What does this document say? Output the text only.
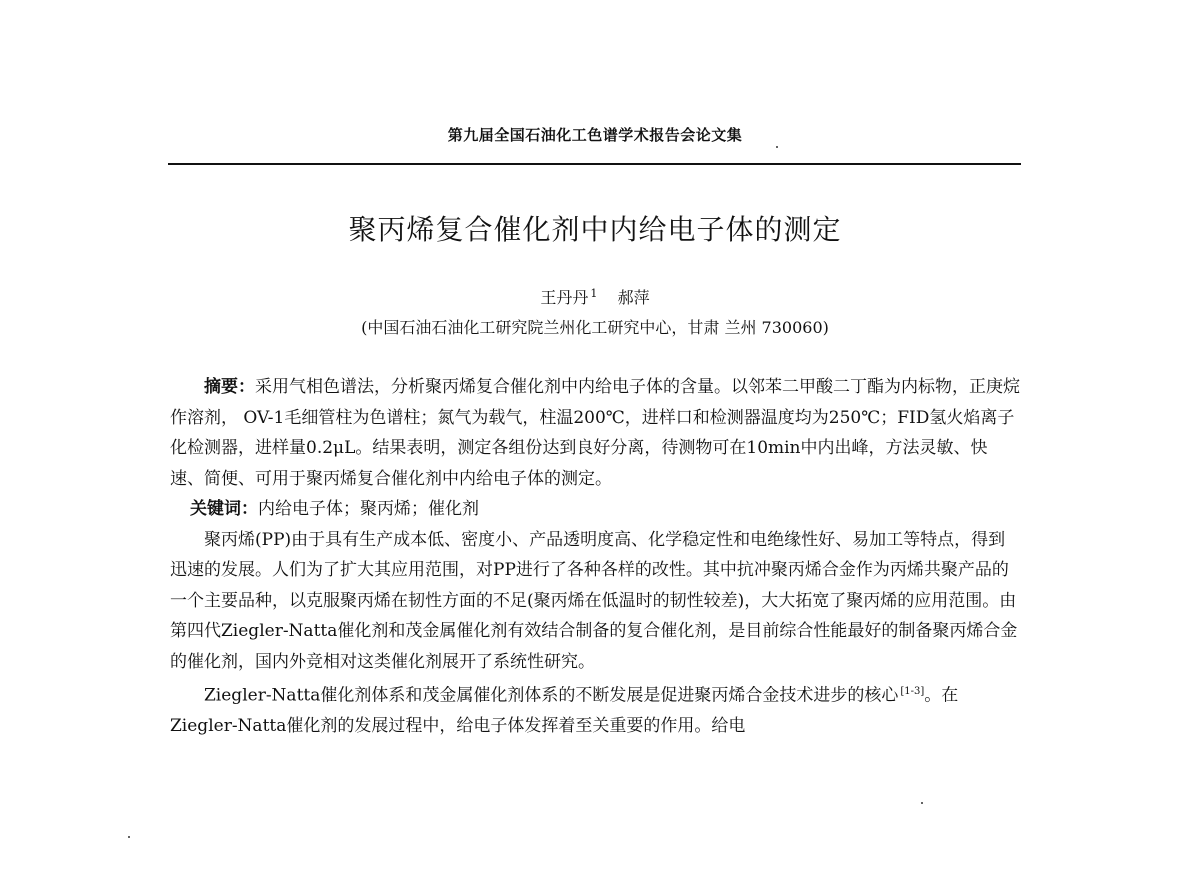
第九届全国石油化工色谱学术报告会论文集
聚丙烯复合催化剂中内给电子体的测定
王丹丹 $^1$ 郝萍
(中国石油石油化工研究院兰州化工研究中心，甘肃 兰州 730060)

摘要：采用气相色谱法，分析聚丙烯复合催化剂中内给电子体的含量。以邻苯二甲酸二丁酯为内标物，正庚烷作溶剂， OV-1毛细管柱为色谱柱；氮气为载气，柱温200℃，进样口和检测器温度均为250℃；FID氢火焰离子化检测器，进样量0.2μL。结果表明，测定各组份达到良好分离，待测物可在10min中内出峰，方法灵敏、快速、简便、可用于聚丙烯复合催化剂中内给电子体的测定。

关键词：内给电子体；聚丙烯；催化剂

聚丙烯(PP)由于具有生产成本低、密度小、产品透明度高、化学稳定性和电绝缘性好、易加工等特点，得到迅速的发展。人们为了扩大其应用范围，对PP进行了各种各样的改性。其中抗冲聚丙烯合金作为丙烯共聚产品的一个主要品种，以克服聚丙烯在韧性方面的不足(聚丙烯在低温时的韧性较差)，大大拓宽了聚丙烯的应用范围。由第四代Ziegler-Natta催化剂和茂金属催化剂有效结合制备的复合催化剂，是目前综合性能最好的制备聚丙烯合金的催化剂，国内外竞相对这类催化剂展开了系统性研究。

Ziegler-Natta催化剂体系和茂金属催化剂体系的不断发展是促进聚丙烯合金技术进步的核心 [1-3]。在Ziegler-Natta催化剂的发展过程中，给电子体发挥着至关重要的作用。给电
